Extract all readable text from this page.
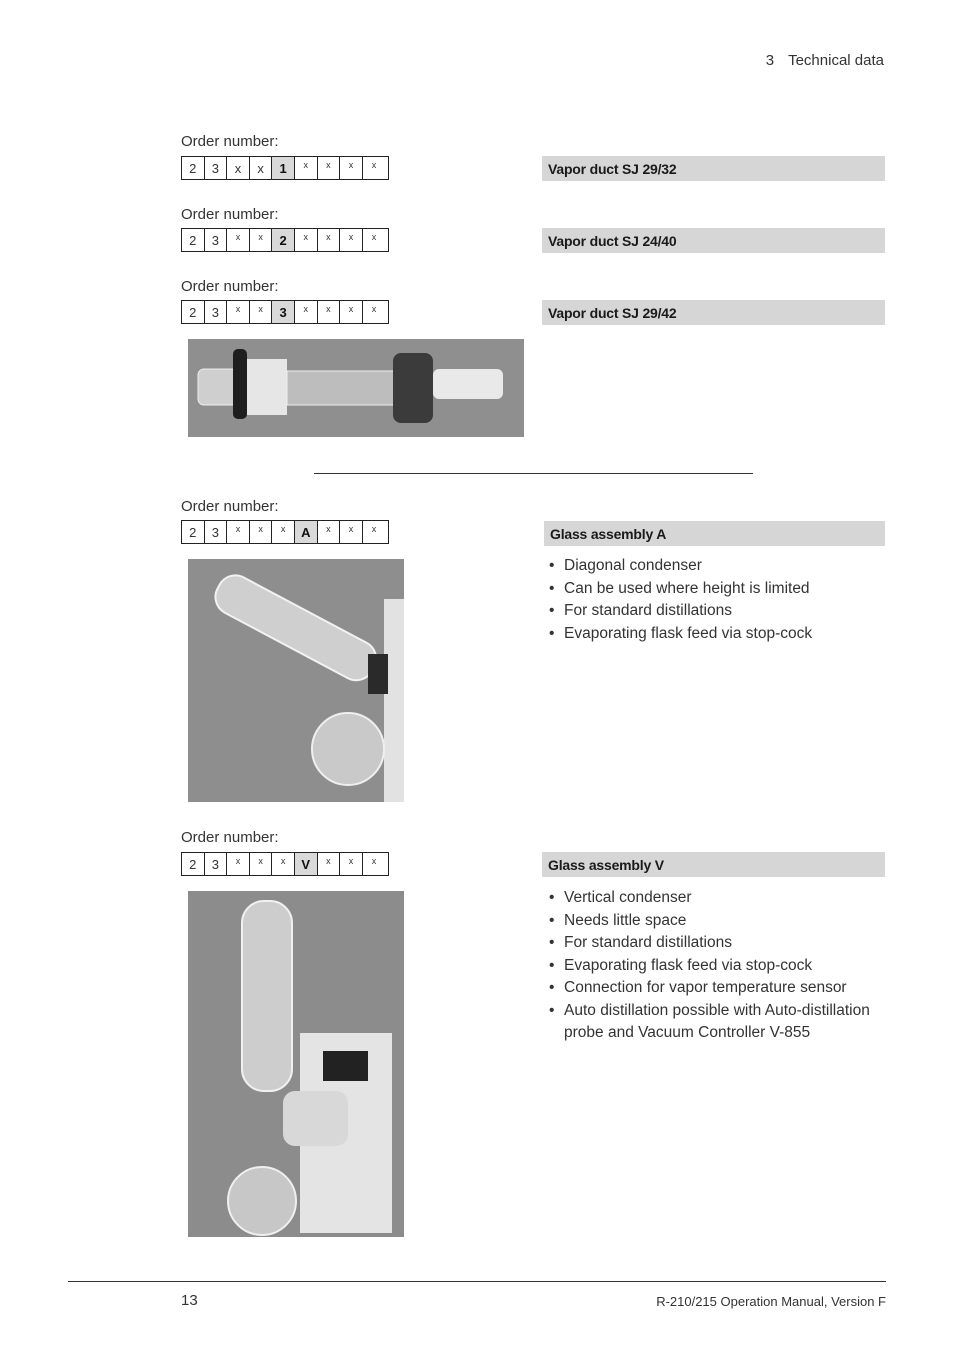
3 Technical data
Order number:
2	3	x	x	1	x	x	x	x	Vapor duct SJ 29/32
Order number:
2	3	x	x	2	x	x	x	x	Vapor duct SJ 24/40
Order number:
2	3	x	x	3	x	x	x	x	Vapor duct SJ 29/42
Order number:
2	3	x	x	x	A	x	x	x	Glass assembly A
• Diagonal condenser
• Can be used where height is limited
• For standard distillations
• Evaporating flask feed via stop-cock
Order number:
2	3	x	x	x	V	x	x	x	Glass assembly V
• Vertical condenser
• Needs little space
• For standard distillations
• Evaporating flask feed via stop-cock
• Connection for vapor temperature sensor
• Auto distillation possible with Auto-distillation probe and Vacuum Controller V-855
13	R-210/215 Operation Manual, Version F
